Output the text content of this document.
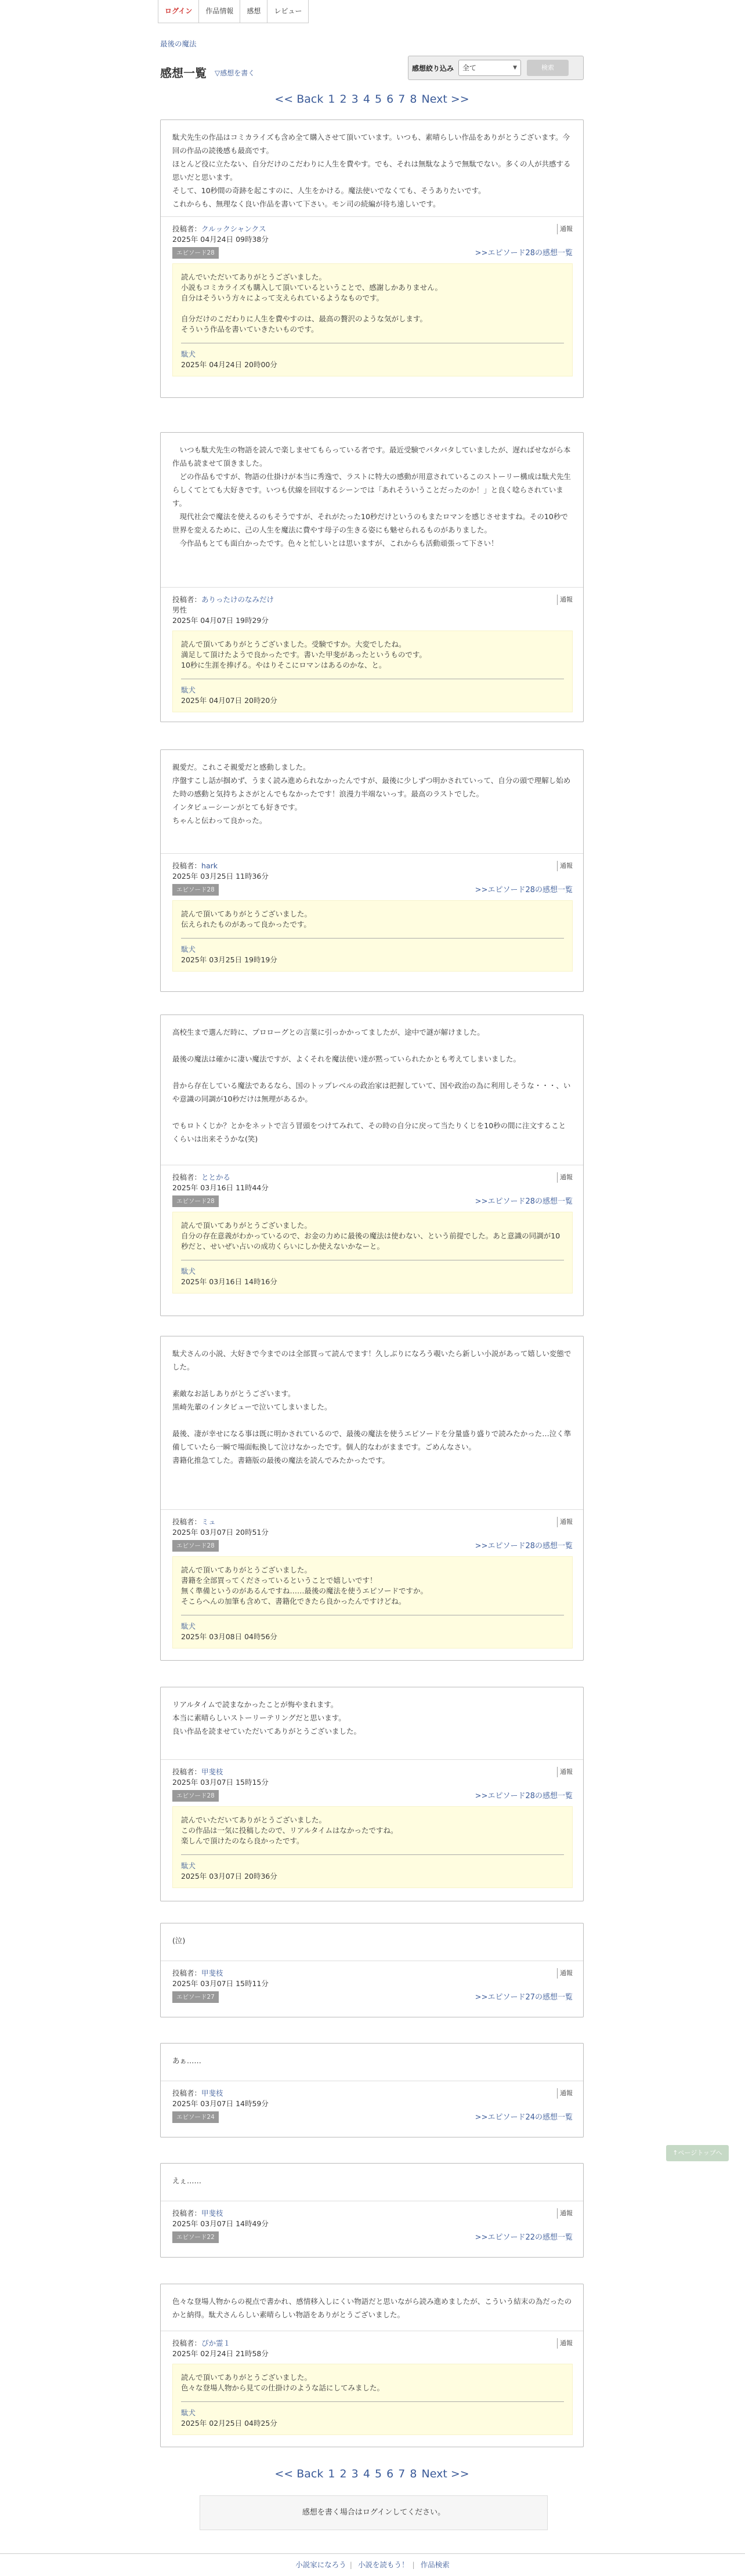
ログイン	作品情報	感想	レビュー
最後の魔法
感想一覧 ▽感想を書く
感想絞り込み	全て	▼	検索
<< Back 1 2 3 4 5 6 7 8 Next >>
駄犬先生の作品はコミカライズも含め全て購入させて頂いています。いつも、素晴らしい作品をありがとうございます。今回の作品の読後感も最高です。
ほとんど役に立たない、自分だけのこだわりに人生を費やす。でも、それは無駄なようで無駄でない。多くの人が共感する思いだと思います。
そして、10秒間の奇跡を起こすのに、人生をかける。魔法使いでなくても、そうありたいです。
これからも、無理なく良い作品を書いて下さい。モン司の続編が待ち遠しいです。
投稿者：クルックシャンクス
2025年 04月24日 09時38分
エピソード28
通報
>>エピソード28の感想一覧
読んでいただいてありがとうございました。
小説もコミカライズも購入して頂いているということで、感謝しかありません。
自分はそういう方々によって支えられているようなものです。

自分だけのこだわりに人生を費やすのは、最高の贅沢のような気がします。
そういう作品を書いていきたいものです。
駄犬
2025年 04月24日 20時00分
　いつも駄犬先生の物語を読んで楽しませてもらっている者です。最近受験でバタバタしていましたが、遅ればせながら本作品も読ませて頂きました。
　どの作品もですが、物語の仕掛けが本当に秀逸で、ラストに特大の感動が用意されているこのストーリー構成は駄犬先生らしくてとても大好きです。いつも伏線を回収するシーンでは「あれそういうことだったのか！」と良く唸らされています。
　現代社会で魔法を使えるのもそうですが、それがたった10秒だけというのもまたロマンを感じさせますね。その10秒で世界を変えるために、己の人生を魔法に費やす母子の生きる姿にも魅せられるものがありました。
　今作品もとても面白かったです。色々と忙しいとは思いますが、これからも活動頑張って下さい！
投稿者：ありったけのなみだけ
男性
2025年 04月07日 19時29分
通報
読んで頂いてありがとうございました。受験ですか。大変でしたね。
満足して頂けたようで良かったです。書いた甲斐があったというものです。
10秒に生涯を捧げる。やはりそこにロマンはあるのかな、と。
駄犬
2025年 04月07日 20時20分
親愛だ。これこそ親愛だと感動しました。
序盤すこし話が掴めず、うまく読み進められなかったんですが、最後に少しずつ明かされていって、自分の頭で理解し始めた時の感動と気持ちよさがとんでもなかったです！浪漫力半端ないっす。最高のラストでした。
インタビューシーンがとても好きです。
ちゃんと伝わって良かった。
投稿者：hark
2025年 03月25日 11時36分
エピソード28
通報
>>エピソード28の感想一覧
読んで頂いてありがとうございました。
伝えられたものがあって良かったです。
駄犬
2025年 03月25日 19時19分
高校生まで選んだ時に、プロローグとの言葉に引っかかってましたが、途中で謎が解けました。

最後の魔法は確かに凄い魔法ですが、よくそれを魔法使い達が黙っていられたかとも考えてしまいました。

昔から存在している魔法であるなら、国のトップレベルの政治家は把握していて、国や政治の為に利用しそうな・・・、いや意識の同調が10秒だけは無理があるか。

でもロトくじか？とかをネットで言う冒頭をつけてみれて、その時の自分に戻って当たりくじを10秒の間に注文することくらいは出来そうかな(笑)
投稿者：ととかる
2025年 03月16日 11時44分
エピソード28
通報
>>エピソード28の感想一覧
読んで頂いてありがとうございました。
自分の存在意義がわかっているので、お金の力めに最後の魔法は使わない、という前提でした。あと意識の同調が10秒だと、せいぜい占いの成功くらいにしか使えないかなーと。
駄犬
2025年 03月16日 14時16分
駄犬さんの小説、大好きで今までのは全部買って読んでます！久しぶりになろう覗いたら新しい小説があって嬉しい変態でした。

素敵なお話しありがとうございます。
黒崎先輩のインタビューで泣いてしまいました。

最後、凄が幸せになる事は既に明かされているので、最後の魔法を使うエピソードを分量盛り盛りで読みたかった…泣く準備していたら一瞬で場面転換して泣けなかったです。個人的なわがままです。ごめんなさい。
書籍化推急てした。書籍版の最後の魔法を読んでみたかったです。
投稿者：ミュ
2025年 03月07日 20時51分
エピソード28
通報
>>エピソード28の感想一覧
読んで頂いてありがとうございました。
書籍を全部買ってくださっているということで嬉しいです！
無く準備というのがあるんですね……最後の魔法を使うエピソードですか。
そこらへんの加筆も含めて、書籍化できたら良かったんですけどね。
駄犬
2025年 03月08日 04時56分
リアルタイムで読まなかったことが悔やまれます。
本当に素晴らしいストーリーテリングだと思います。
良い作品を読ませていただいてありがとうございました。
投稿者：甲斐枝
2025年 03月07日 15時15分
エピソード28
通報
>>エピソード28の感想一覧
読んでいただいてありがとうございました。
この作品は一気に投稿したので、リアルタイムはなかったですね。
楽しんで頂けたのなら良かったです。
駄犬
2025年 03月07日 20時36分
(泣)
投稿者：甲斐枝
2025年 03月07日 15時11分
エピソード27
通報
>>エピソード27の感想一覧
あぁ……
投稿者：甲斐枝
2025年 03月07日 14時59分
エピソード24
通報
>>エピソード24の感想一覧
えぇ……
投稿者：甲斐枝
2025年 03月07日 14時49分
エピソード22
通報
>>エピソード22の感想一覧
色々な登場人物からの視点で書かれ、感情移入しにくい物語だと思いながら読み進めましたが、こういう結末の為だったのかと納得。駄犬さんらしい素晴らしい物語をありがとうございました。
投稿者：ぴか霊１
2025年 02月24日 21時58分
通報
読んで頂いてありがとうございました。
色々な登場人物から見ての仕掛けのような話にしてみました。
駄犬
2025年 02月25日 04時25分
<< Back 1 2 3 4 5 6 7 8 Next >>
感想を書く場合はログインしてください。
↑ページトップへ
小説家になろう | 小説を読もう！ | 作品検索
